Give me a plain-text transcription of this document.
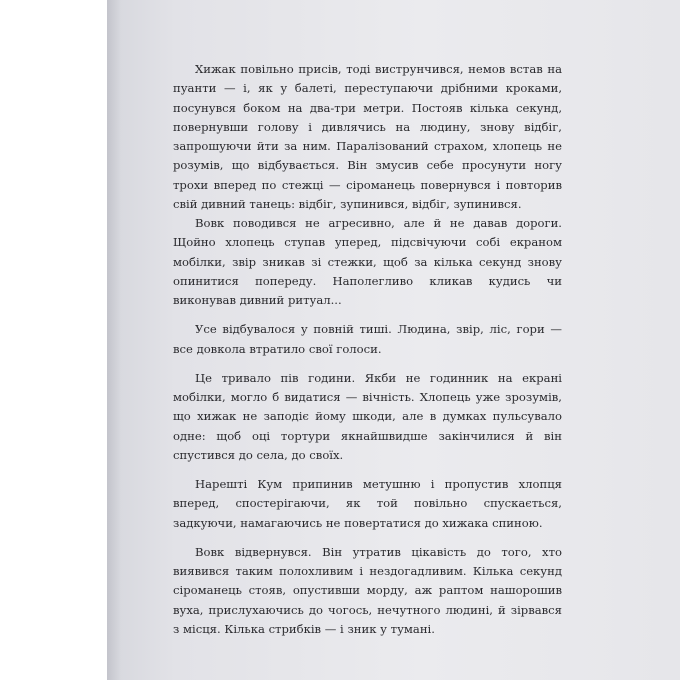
Хижак повільно присів, тоді виструнчився, немов встав на пуанти — і, як у балеті, переступаючи дрібними кроками, посунувся боком на два-три метри. Постояв кілька секунд, повернувши голову і дивлячись на людину, знову відбіг, запрошуючи йти за ним. Паралізований страхом, хлопець не розумів, що відбувається. Він змусив себе просунути ногу трохи вперед по стежці — сіроманець повернувся і повторив свій дивний танець: відбіг, зупинився, відбіг, зупинився.

Вовк поводився не агресивно, але й не давав дороги. Щойно хлопець ступав уперед, підсвічуючи собі екраном мобілки, звір зникав зі стежки, щоб за кілька секунд знову опинитися попереду. Наполегливо кликав кудись чи виконував дивний ритуал...

Усе відбувалося у повній тиші. Людина, звір, ліс, гори — все довкола втратило свої голоси.

Це тривало пів години. Якби не годинник на екрані мобілки, могло б видатися — вічність. Хлопець уже зрозумів, що хижак не заподіє йому шкоди, але в думках пульсувало одне: щоб оці тортури якнайшвидше закінчилися й він спустився до села, до своїх.

Нарешті Кум припинив метушню і пропустив хлопця вперед, спостерігаючи, як той повільно спускається, задкуючи, намагаючись не повертатися до хижака спиною.

Вовк відвернувся. Він утратив цікавість до того, хто виявився таким полохливим і нездогадливим. Кілька секунд сіроманець стояв, опустивши морду, аж раптом нашорошив вуха, прислухаючись до чогось, нечутного людині, й зірвався з місця. Кілька стрибків — і зник у тумані.
